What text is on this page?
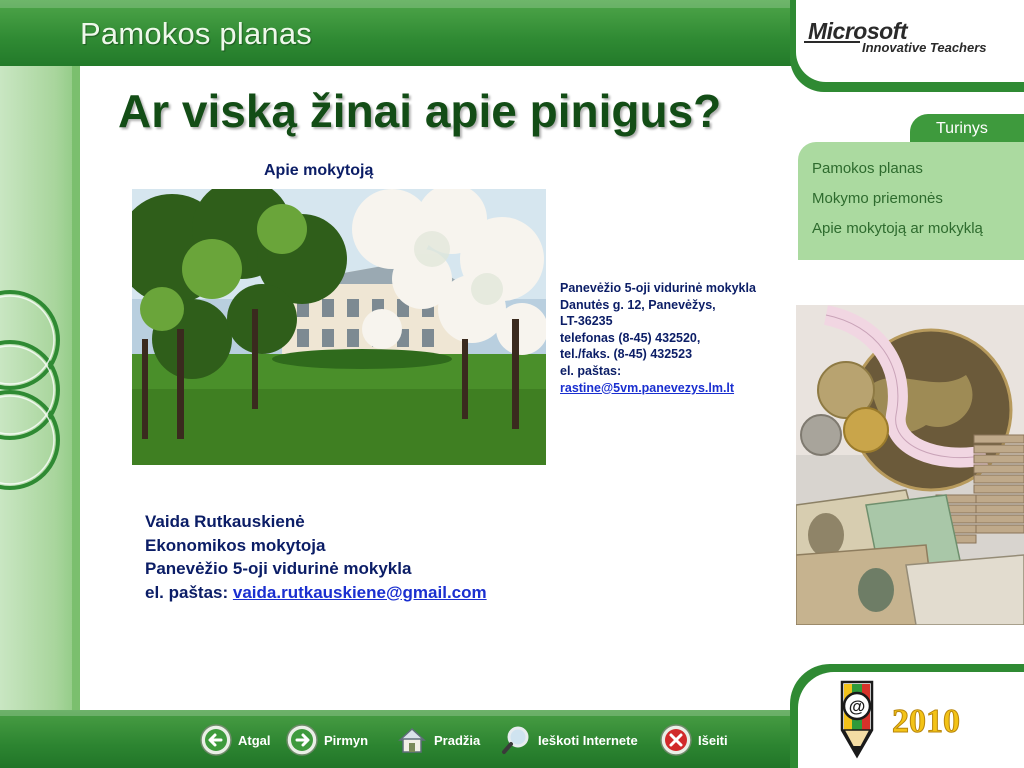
Pamokos planas	Microsoft
Innovative Teachers
@ 2010
Ar viską žinai apie pinigus?	Turinys
Pamokos planas
Mokymo priemonės
Apie mokytoją ar mokyklą
Apie mokytoją
Panevėžio 5-oji vidurinė mokykla
Danutės g. 12, Panevėžys,
LT-36235
telefonas (8-45) 432520,
tel./faks. (8-45) 432523
el. paštas:
rastine@5vm.panevezys.lm.lt
Vaida Rutkauskienė
Ekonomikos mokytoja
Panevėžio 5-oji vidurinė mokykla
el. paštas: vaida.rutkauskiene@gmail.com
Atgal	Pirmyn	Pradžia	Ieškoti Internete	Išeiti
